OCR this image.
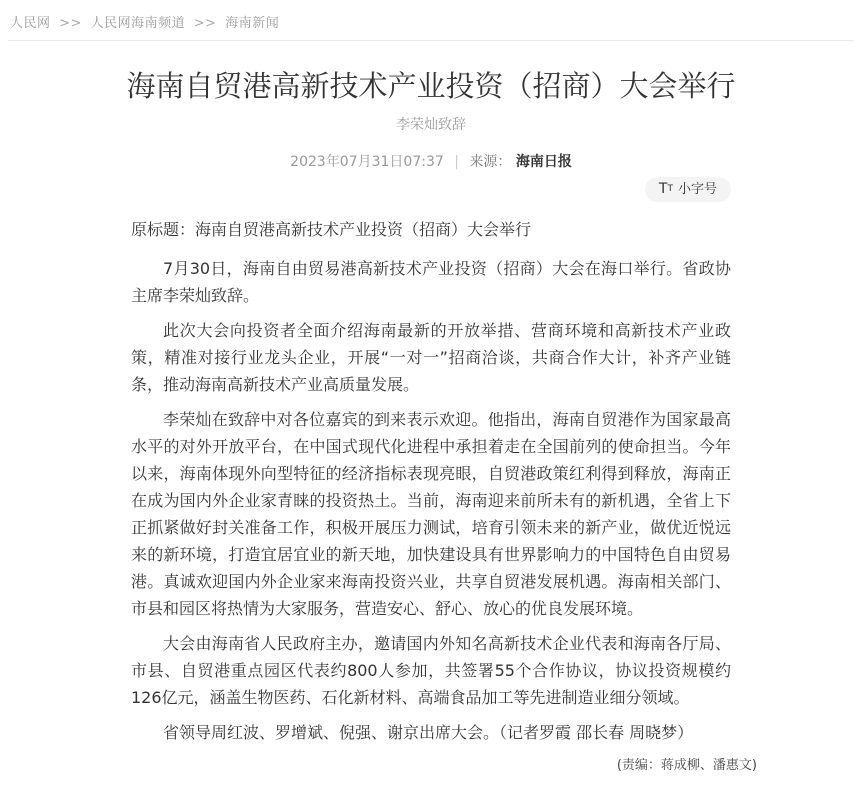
人民网 >> 人民网海南频道 >> 海南新闻
海南自贸港高新技术产业投资（招商）大会举行
李荣灿致辞
2023年07月31日07:37 | 来源： 海南日报
T T 小字号

原标题：海南自贸港高新技术产业投资（招商）大会举行

7月30日，海南自由贸易港高新技术产业投资（招商）大会在海口举行。省政协主席李荣灿致辞。

此次大会向投资者全面介绍海南最新的开放举措、营商环境和高新技术产业政策，精准对接行业龙头企业，开展“一对一”招商洽谈，共商合作大计，补齐产业链条，推动海南高新技术产业高质量发展。

李荣灿在致辞中对各位嘉宾的到来表示欢迎。他指出，海南自贸港作为国家最高水平的对外开放平台，在中国式现代化进程中承担着走在全国前列的使命担当。今年以来，海南体现外向型特征的经济指标表现亮眼，自贸港政策红利得到释放，海南正在成为国内外企业家青睐的投资热土。当前，海南迎来前所未有的新机遇，全省上下正抓紧做好封关准备工作，积极开展压力测试，培育引领未来的新产业，做优近悦远来的新环境，打造宜居宜业的新天地，加快建设具有世界影响力的中国特色自由贸易港。真诚欢迎国内外企业家来海南投资兴业，共享自贸港发展机遇。海南相关部门、市县和园区将热情为大家服务，营造安心、舒心、放心的优良发展环境。

大会由海南省人民政府主办，邀请国内外知名高新技术企业代表和海南各厅局、市县、自贸港重点园区代表约800人参加，共签署55个合作协议，协议投资规模约126亿元，涵盖生物医药、石化新材料、高端食品加工等先进制造业细分领域。

省领导周红波、罗增斌、倪强、谢京出席大会。（记者罗霞 邵长春 周晓梦）

(责编：蒋成柳、潘惠文)
